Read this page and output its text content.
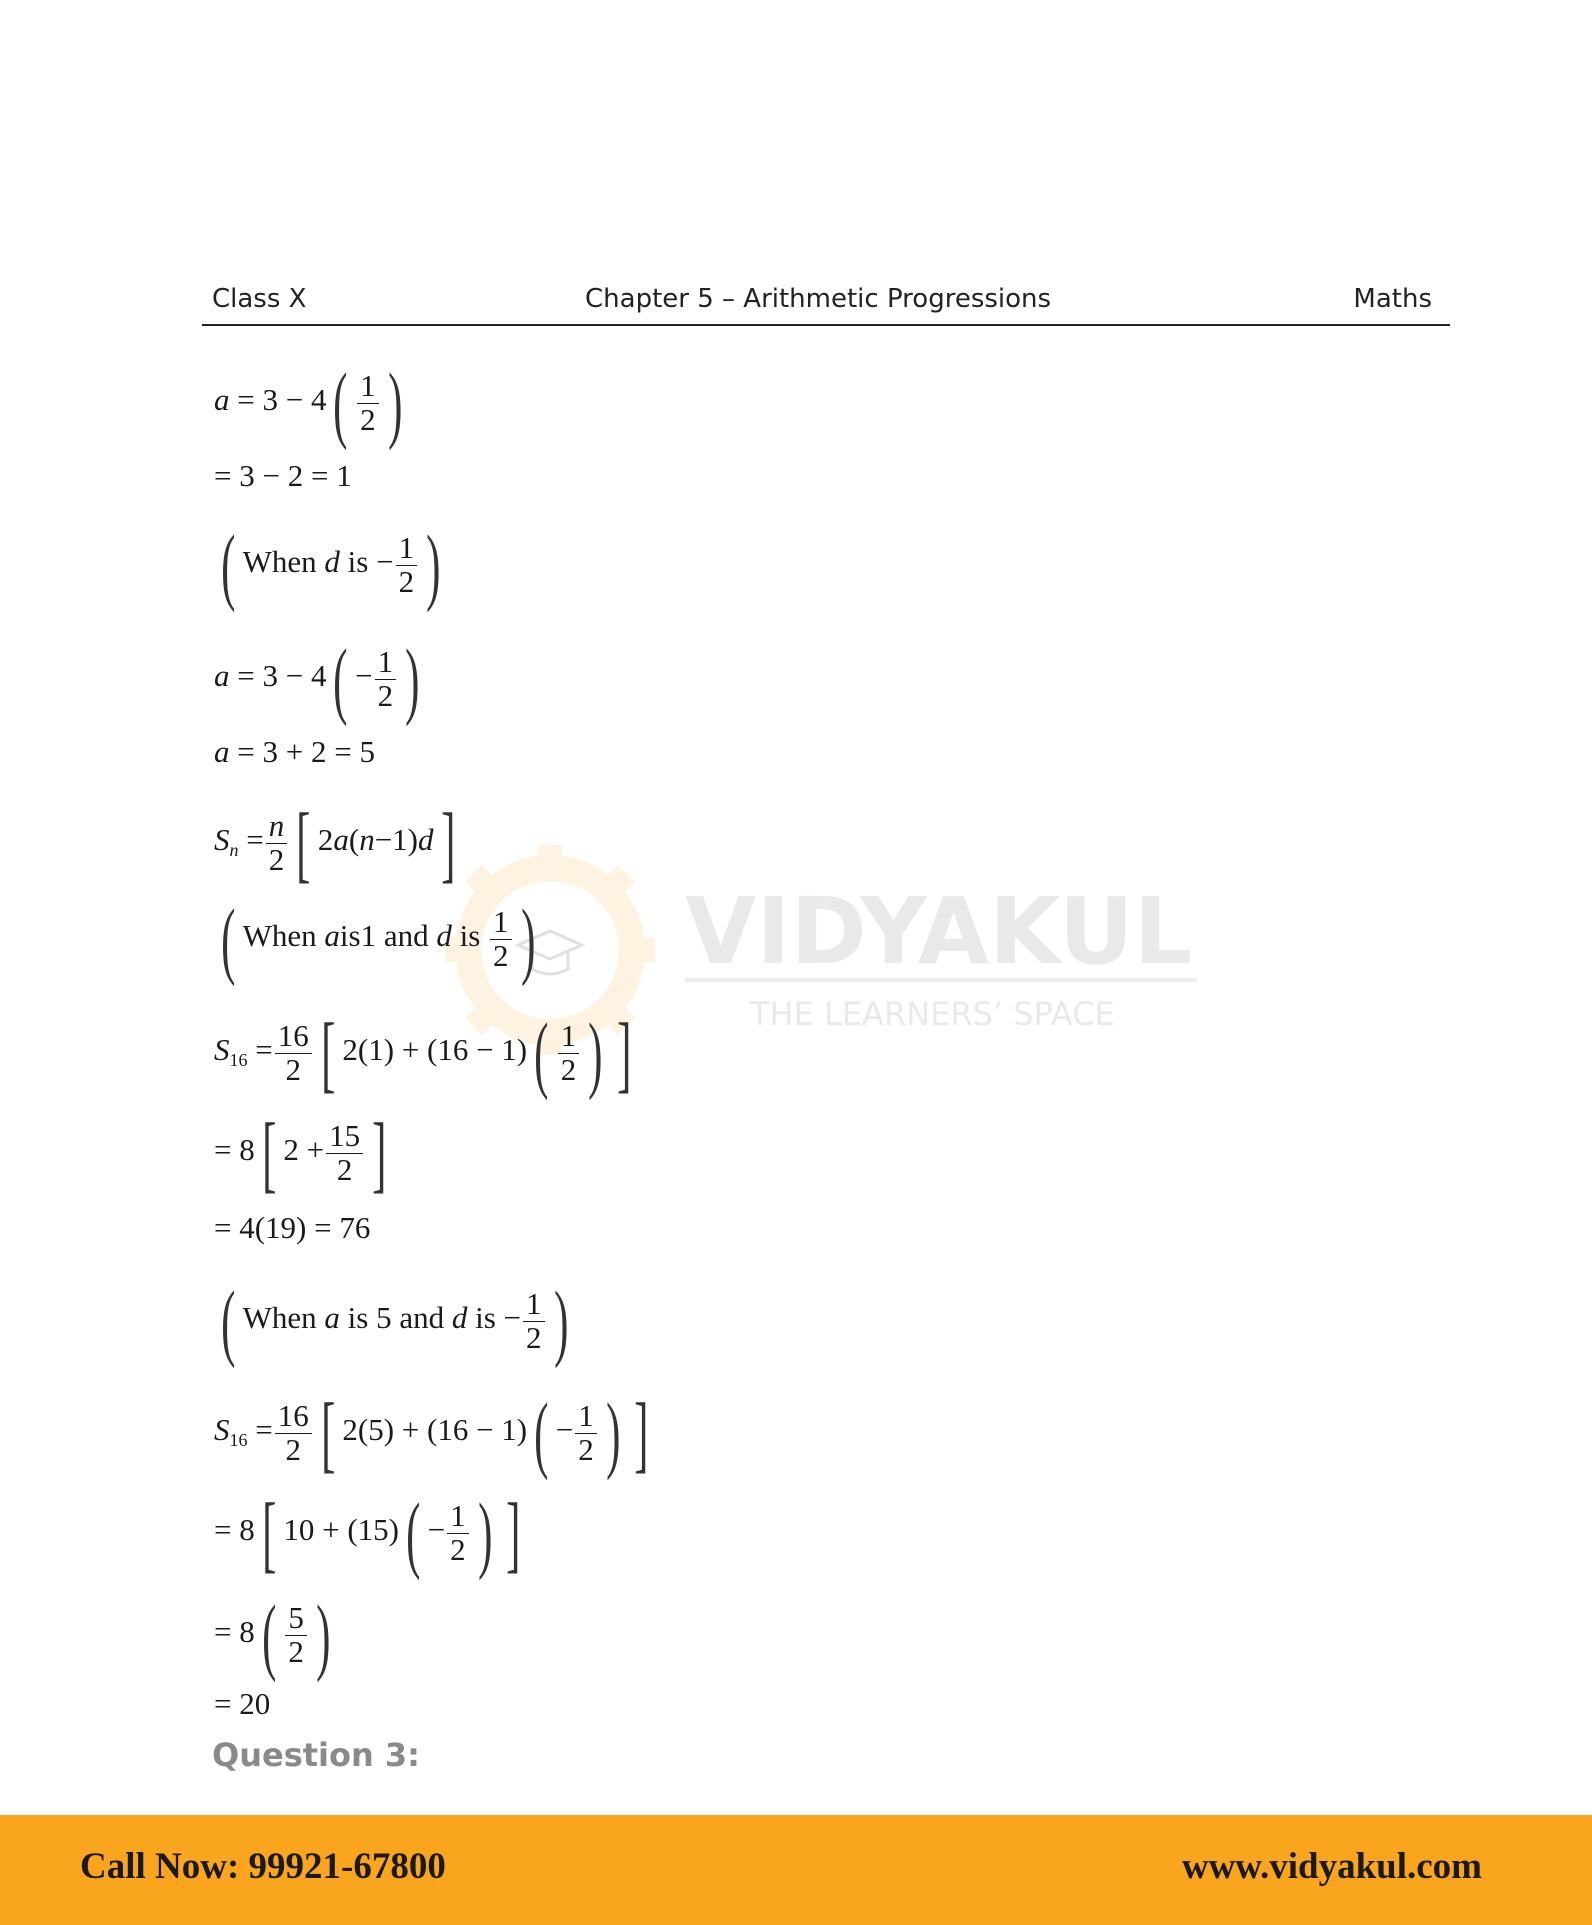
Class X	Chapter 5 – Arithmetic Progressions	Maths
VIDYAKUL
THE LEARNERS’ SPACE
$a = 3 - 4( \frac{1}{2}$ )
= 3 − 2 = 1
( When d is − $\frac{1}{2}$ )
$a = 3 - 4( - \frac{1}{2}$ )
a = 3 + 2 = 5
$S_n = \frac{n}{2}$ [ 2a(n−1)d]
( When ais1 and d is $\frac{1}{2}$ )
$S_{16} = \frac{16}{2}$ [ $2(1) + (16 - 1)( \frac{1}{2}$ ) ]
= 8[ $2 + \frac{15}{2}$ ]
= 4(19) = 76
( When a is 5 and d is − $\frac{1}{2}$ )
$S_{16} = \frac{16}{2}$ [ $2(5) + (16 - 1)( - \frac{1}{2}$ ) ]
= 8[ $10 + (15)( - \frac{1}{2}$ ) ]
= $8( \frac{5}{2}$ )
= 20
Question 3:
Call Now: 99921-67800	www.vidyakul.com
